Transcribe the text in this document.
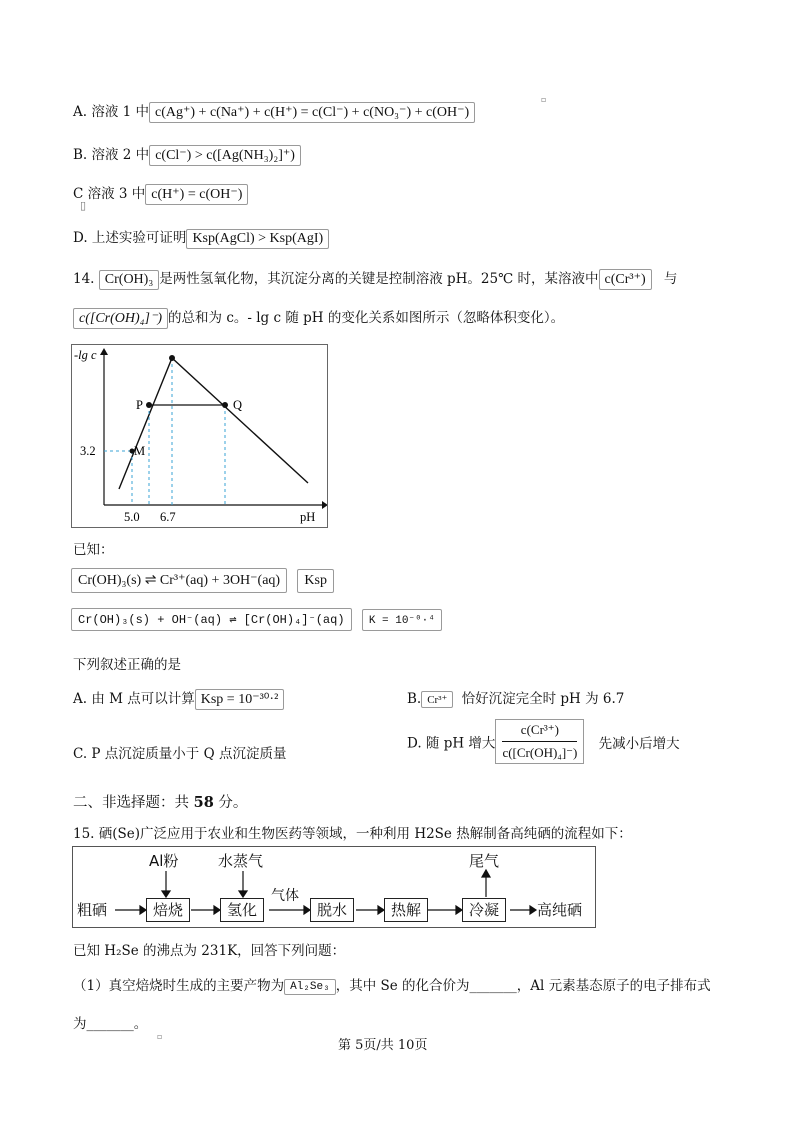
A. 溶液 1 中 c(Ag⁺) + c(Na⁺) + c(H⁺) = c(Cl⁻) + c(NO₃⁻) + c(OH⁻)
▫
B. 溶液 2 中 c(Cl⁻) > c([Ag(NH₃)₂]⁺)
C 溶液 3 中 c(H⁺) = c(OH⁻)
▯
D. 上述实验可证明 Ksp(AgCl) > Ksp(AgI)
14. Cr(OH)₃ 是两性氢氧化物，其沉淀分离的关键是控制溶液 pH。25℃ 时，某溶液中 c(Cr³⁺) 与
c([Cr(OH)₄]⁻) 的总和为 c。- lg c 随 pH 的变化关系如图所示（忽略体积变化）。
-lg c
pH
5.0 6.7
3.2
P	Q
M
已知：
Cr(OH)₃(s) ⇌ Cr³⁺(aq) + 3OH⁻(aq) Ksp
Cr(OH)₃(s) + OH⁻(aq) ⇌ [Cr(OH)₄]⁻(aq) K = 10⁻⁰·⁴
下列叙述正确的是
A. 由 M 点可以计算 Ksp = 10⁻³⁰·²	B. Cr³⁺ 恰好沉淀完全时 pH 为 6.7
C. P 点沉淀质量小于 Q 点沉淀质量
D. 随 pH 增大 $\frac{\text{c(Cr³⁺)}}{\text{c([Cr(OH)₄]⁻)}}$ 先减小后增大
二、非选择题：共 58 分。
15. 硒(Se)广泛应用于农业和生物医药等领域，一种利用 H2Se 热解制备高纯硒的流程如下：
Al粉	水蒸气	尾气
粗硒	焙烧	氢化
气体
脱水	热解	冷凝	高纯硒
已知 H₂Se 的沸点为 231K，回答下列问题：
（1）真空焙烧时生成的主要产物为 Al₂Se₃ ，其中 Se 的化合价为_______，Al 元素基态原子的电子排布式
为_______。
▫
第 5页/共 10页
